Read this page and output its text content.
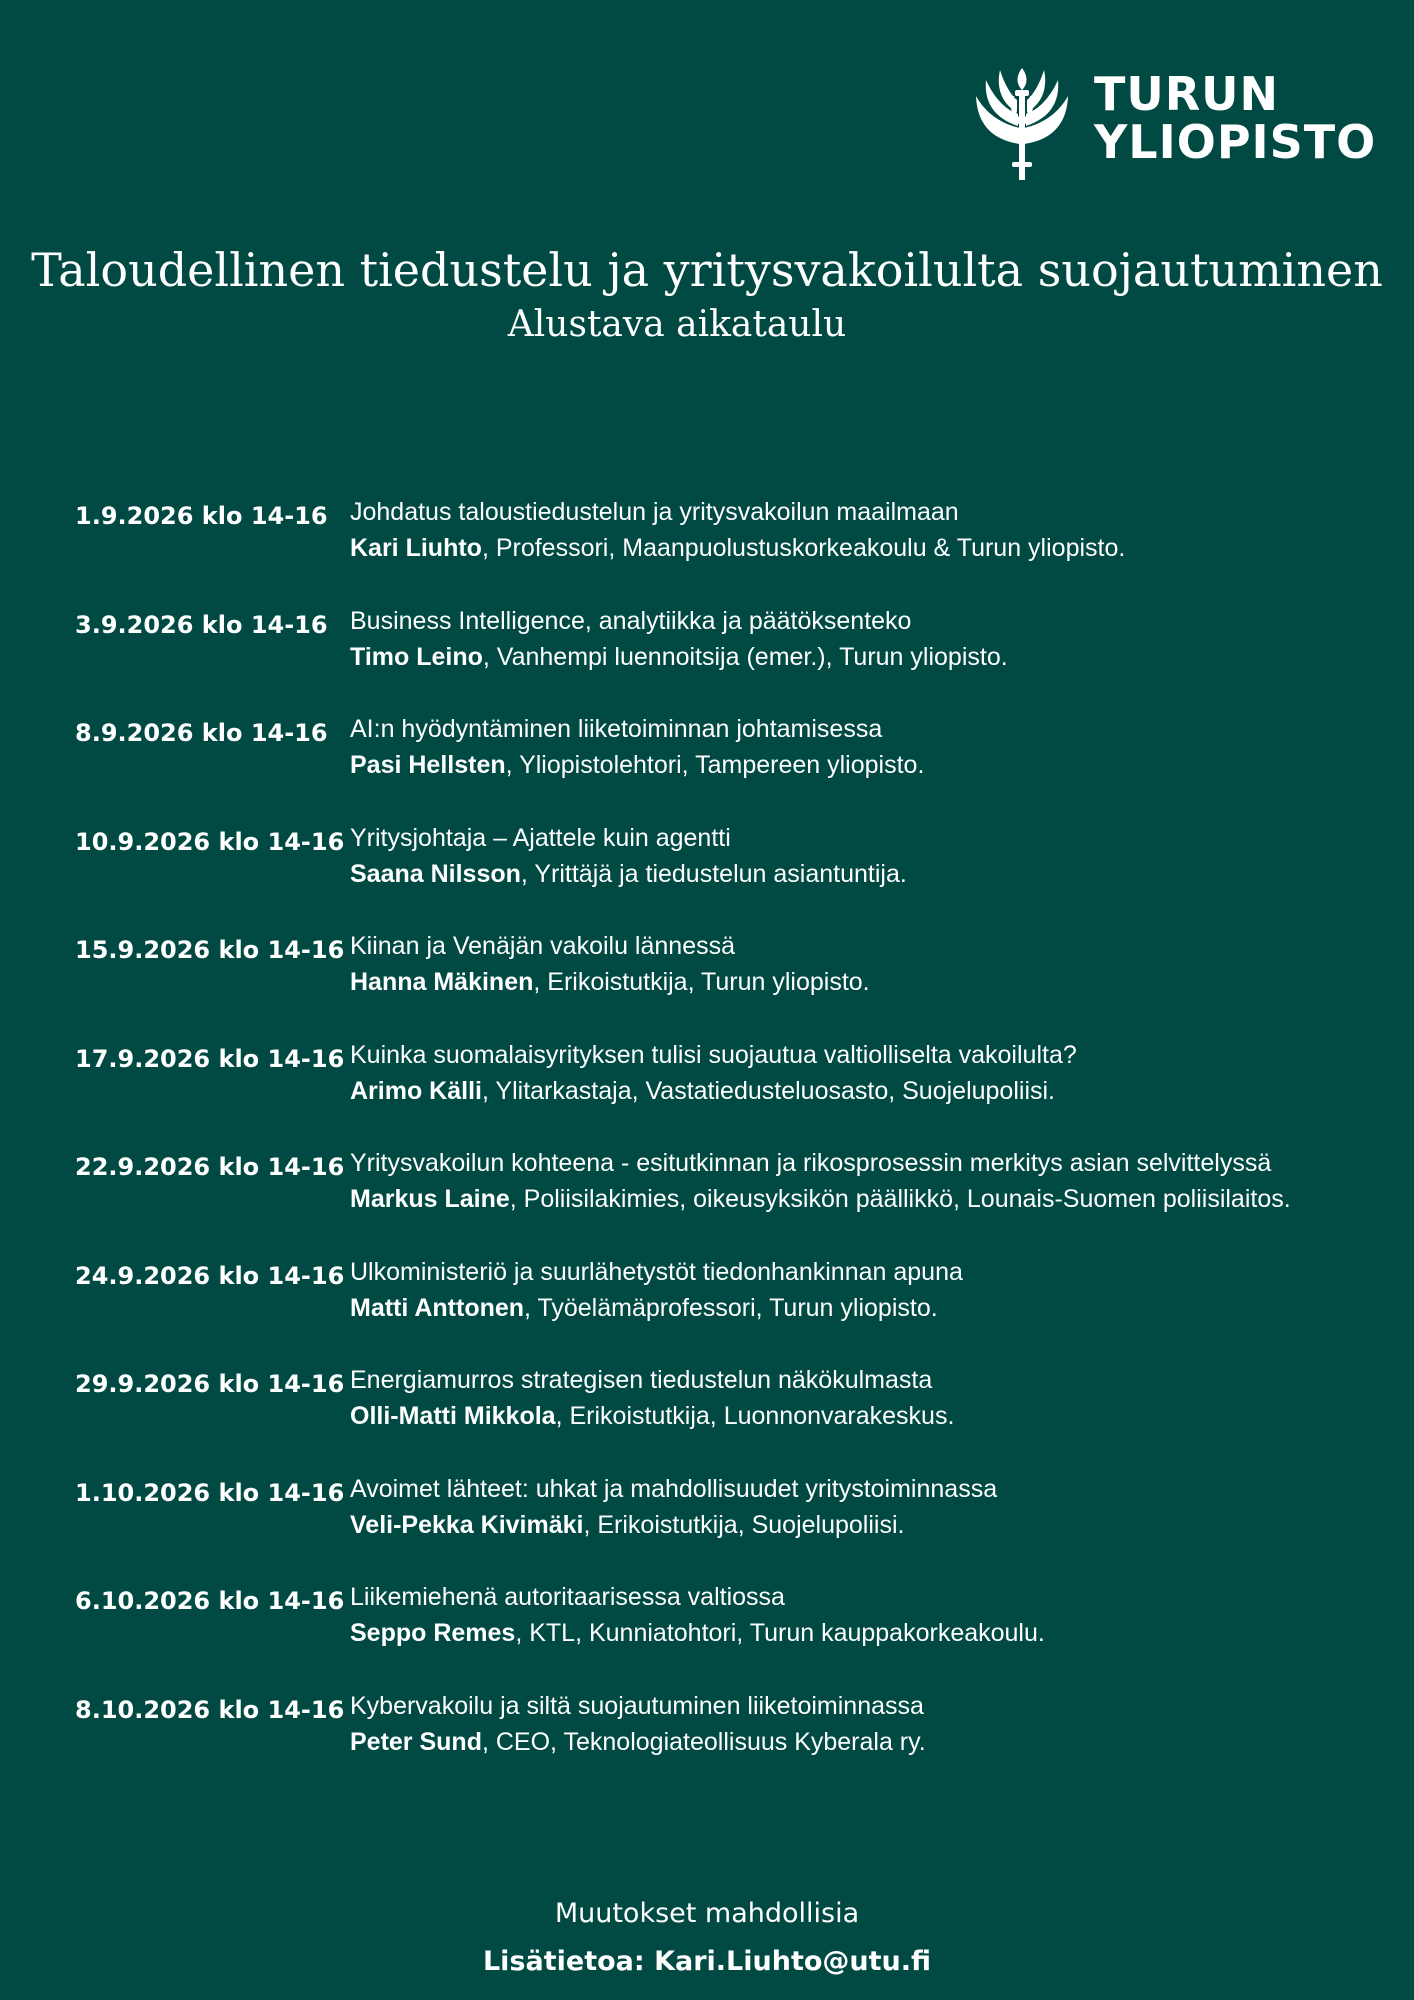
TURUN
YLIOPISTO
Taloudellinen tiedustelu ja yritysvakoilulta suojautuminen
Alustava aikataulu
1.9.2026 klo 14-16 Johdatus taloustiedustelun ja yritysvakoilun maailmaan
Kari Liuhto, Professori, Maanpuolustuskorkeakoulu & Turun yliopisto.
3.9.2026 klo 14-16 Business Intelligence, analytiikka ja päätöksenteko
Timo Leino, Vanhempi luennoitsija (emer.), Turun yliopisto.
8.9.2026 klo 14-16 AI:n hyödyntäminen liiketoiminnan johtamisessa
Pasi Hellsten, Yliopistolehtori, Tampereen yliopisto.
10.9.2026 klo 14-16 Yritysjohtaja – Ajattele kuin agentti
Saana Nilsson, Yrittäjä ja tiedustelun asiantuntija.
15.9.2026 klo 14-16 Kiinan ja Venäjän vakoilu lännessä
Hanna Mäkinen, Erikoistutkija, Turun yliopisto.
17.9.2026 klo 14-16 Kuinka suomalaisyrityksen tulisi suojautua valtiolliselta vakoilulta?
Arimo Källi, Ylitarkastaja, Vastatiedusteluosasto, Suojelupoliisi.
22.9.2026 klo 14-16 Yritysvakoilun kohteena - esitutkinnan ja rikosprosessin merkitys asian selvittelyssä
Markus Laine, Poliisilakimies, oikeusyksikön päällikkö, Lounais-Suomen poliisilaitos.
24.9.2026 klo 14-16 Ulkoministeriö ja suurlähetystöt tiedonhankinnan apuna
Matti Anttonen, Työelämäprofessori, Turun yliopisto.
29.9.2026 klo 14-16 Energiamurros strategisen tiedustelun näkökulmasta
Olli-Matti Mikkola, Erikoistutkija, Luonnonvarakeskus.
1.10.2026 klo 14-16 Avoimet lähteet: uhkat ja mahdollisuudet yritystoiminnassa
Veli-Pekka Kivimäki, Erikoistutkija, Suojelupoliisi.
6.10.2026 klo 14-16 Liikemiehenä autoritaarisessa valtiossa
Seppo Remes, KTL, Kunniatohtori, Turun kauppakorkeakoulu.
8.10.2026 klo 14-16 Kybervakoilu ja siltä suojautuminen liiketoiminnassa
Peter Sund, CEO, Teknologiateollisuus Kyberala ry.
Muutokset mahdollisia
Lisätietoa: Kari.Liuhto@utu.fi
